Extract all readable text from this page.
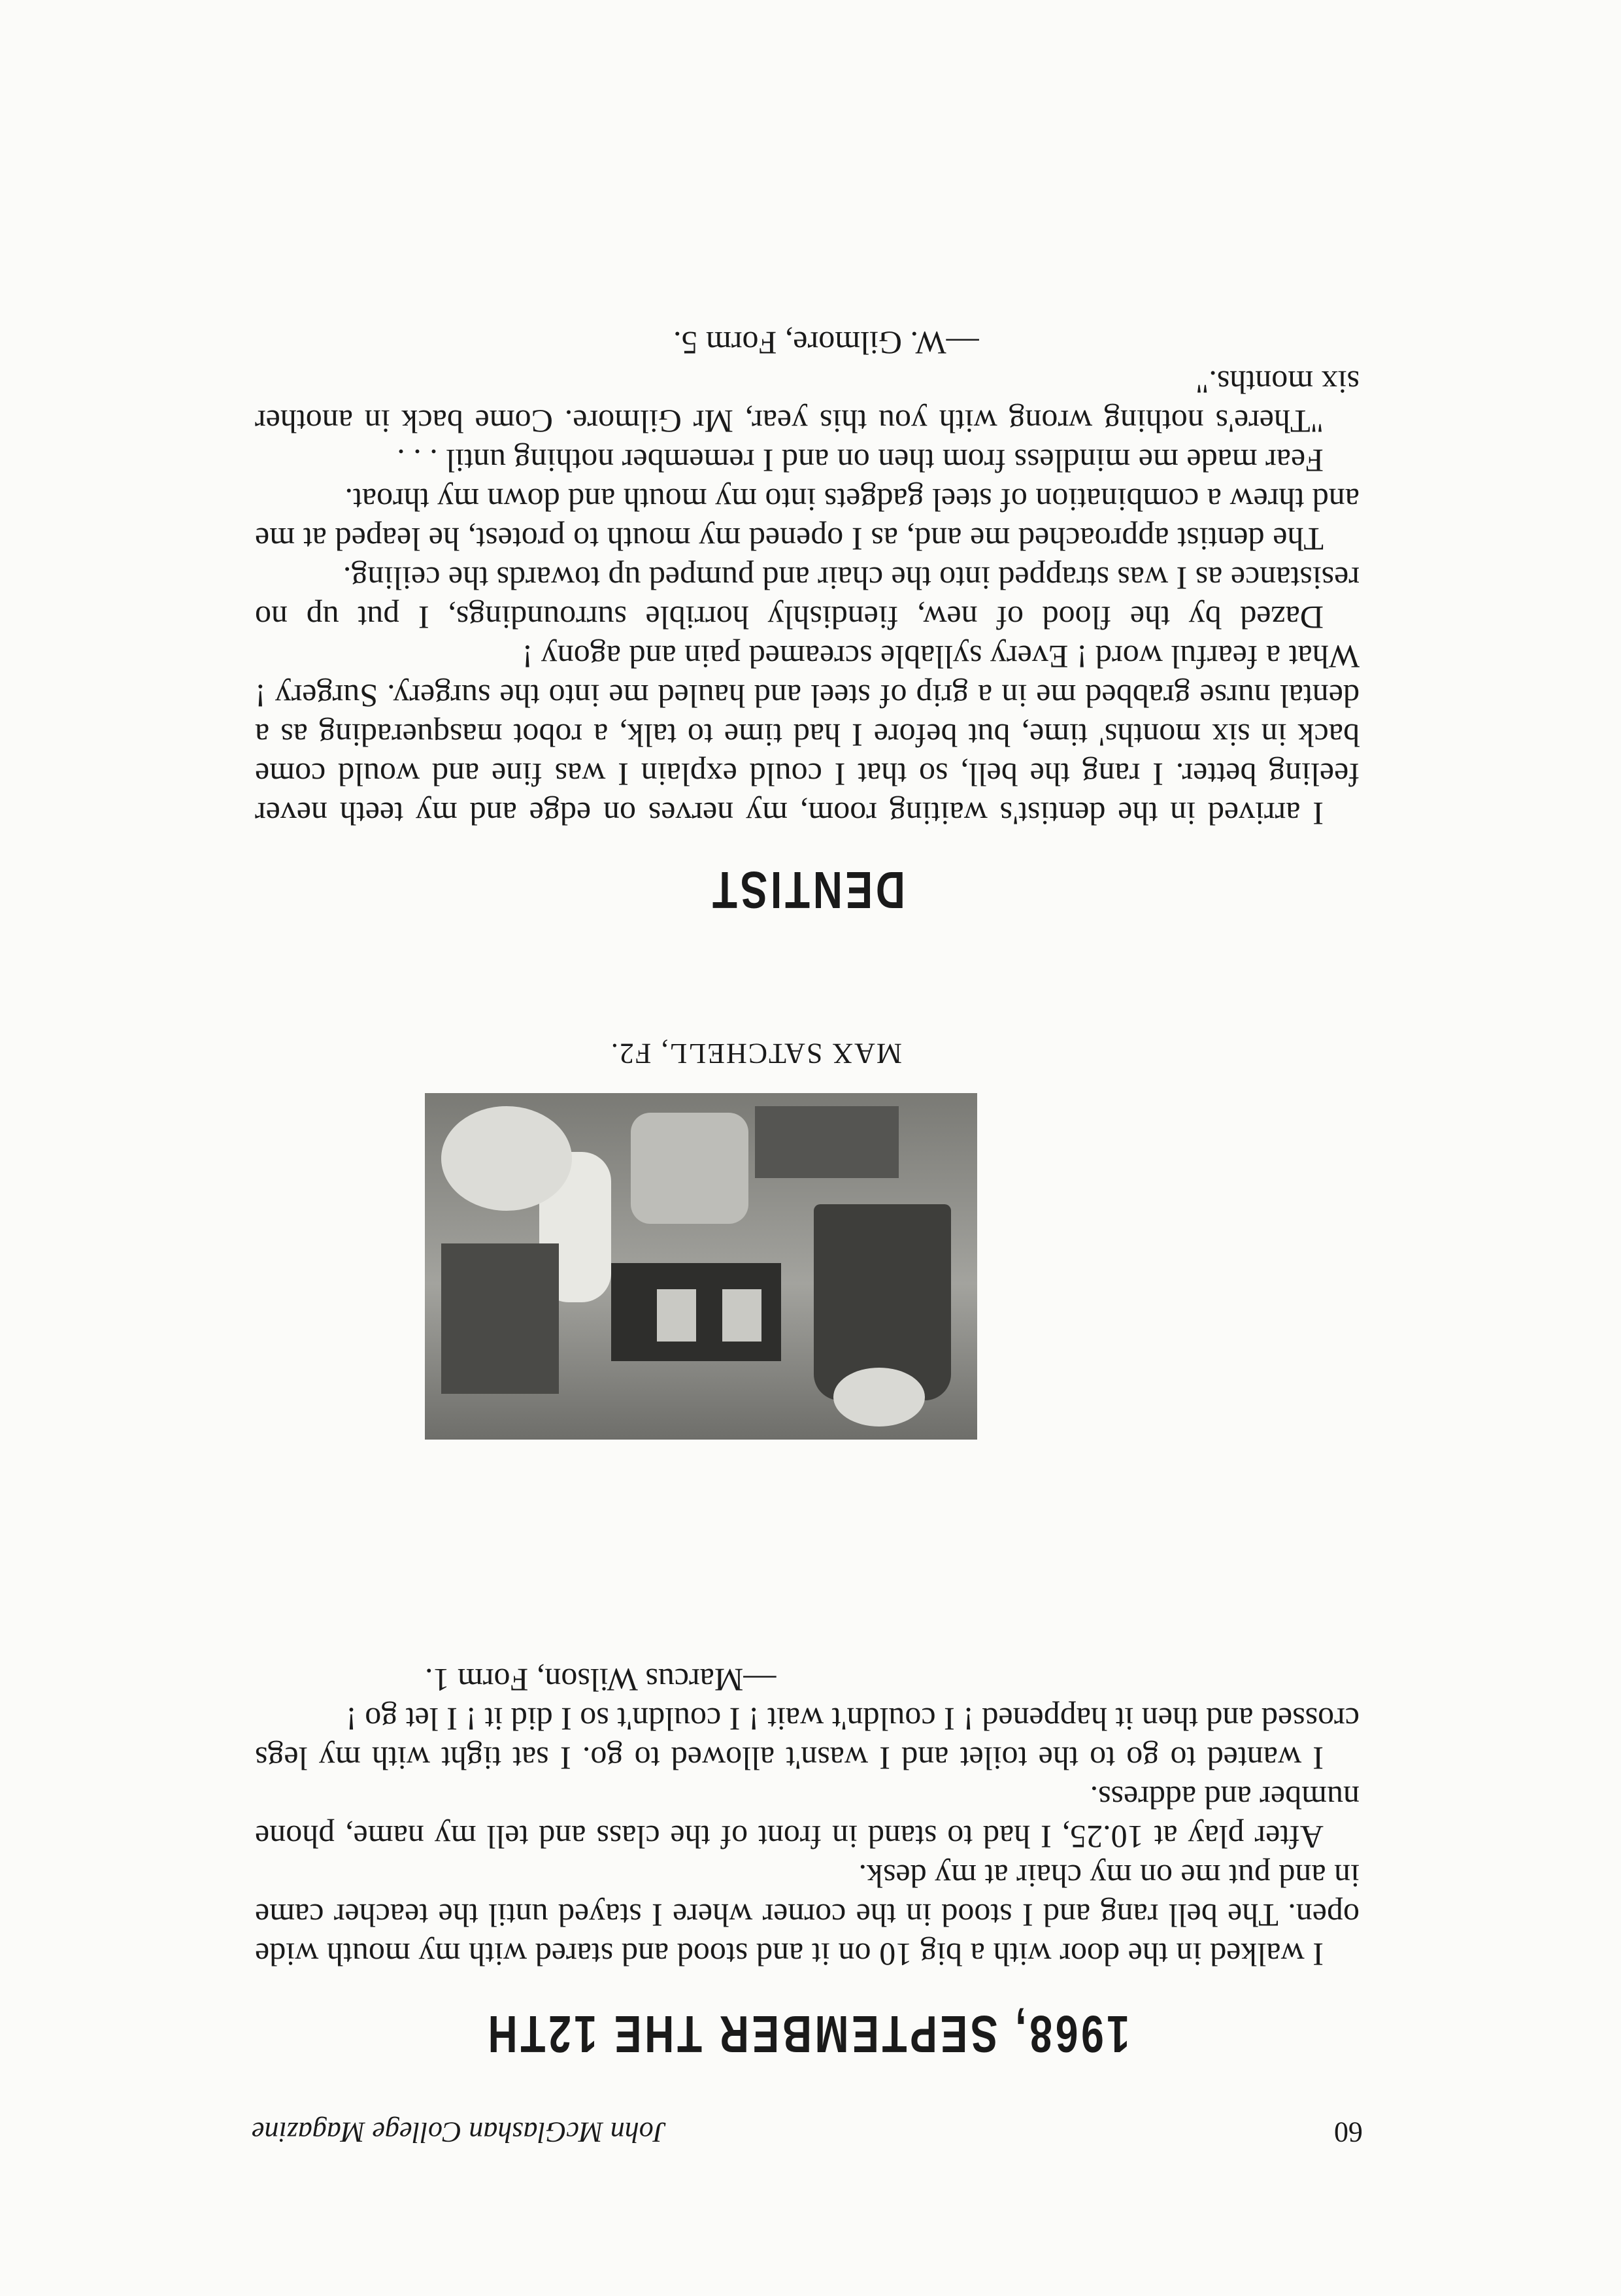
60
John McGlashan College Magazine
1968, SEPTEMBER THE 12TH

I walked in the door with a big 10 on it and stood and stared with my mouth wide open. The bell rang and I stood in the corner where I stayed until the teacher came in and put me on my chair at my desk.

After play at 10.25, I had to stand in front of the class and tell my name, phone number and address.

I wanted to go to the toilet and I wasn't allowed to go. I sat tight with my legs crossed and then it happened ! I couldn't wait ! I couldn't so I did it ! I let go !

—Marcus Wilson, Form 1.

MAX SATCHELL, F2.
DENTIST

I arrived in the dentist's waiting room, my nerves on edge and my teeth never feeling better. I rang the bell, so that I could explain I was fine and would come back in six months' time, but before I had time to talk, a robot masquerading as a dental nurse grabbed me in a grip of steel and hauled me into the surgery. Surgery ! What a fearful word ! Every syllable screamed pain and agony !

Dazed by the flood of new, fiendishly horrible surroundings, I put up no resistance as I was strapped into the chair and pumped up towards the ceiling.

The dentist approached me and, as I opened my mouth to protest, he leaped at me and threw a combination of steel gadgets into my mouth and down my throat.

Fear made me mindless from then on and I remember nothing until . . .

"There's nothing wrong with you this year, Mr Gilmore. Come back in another six months."

—W. Gilmore, Form 5.
